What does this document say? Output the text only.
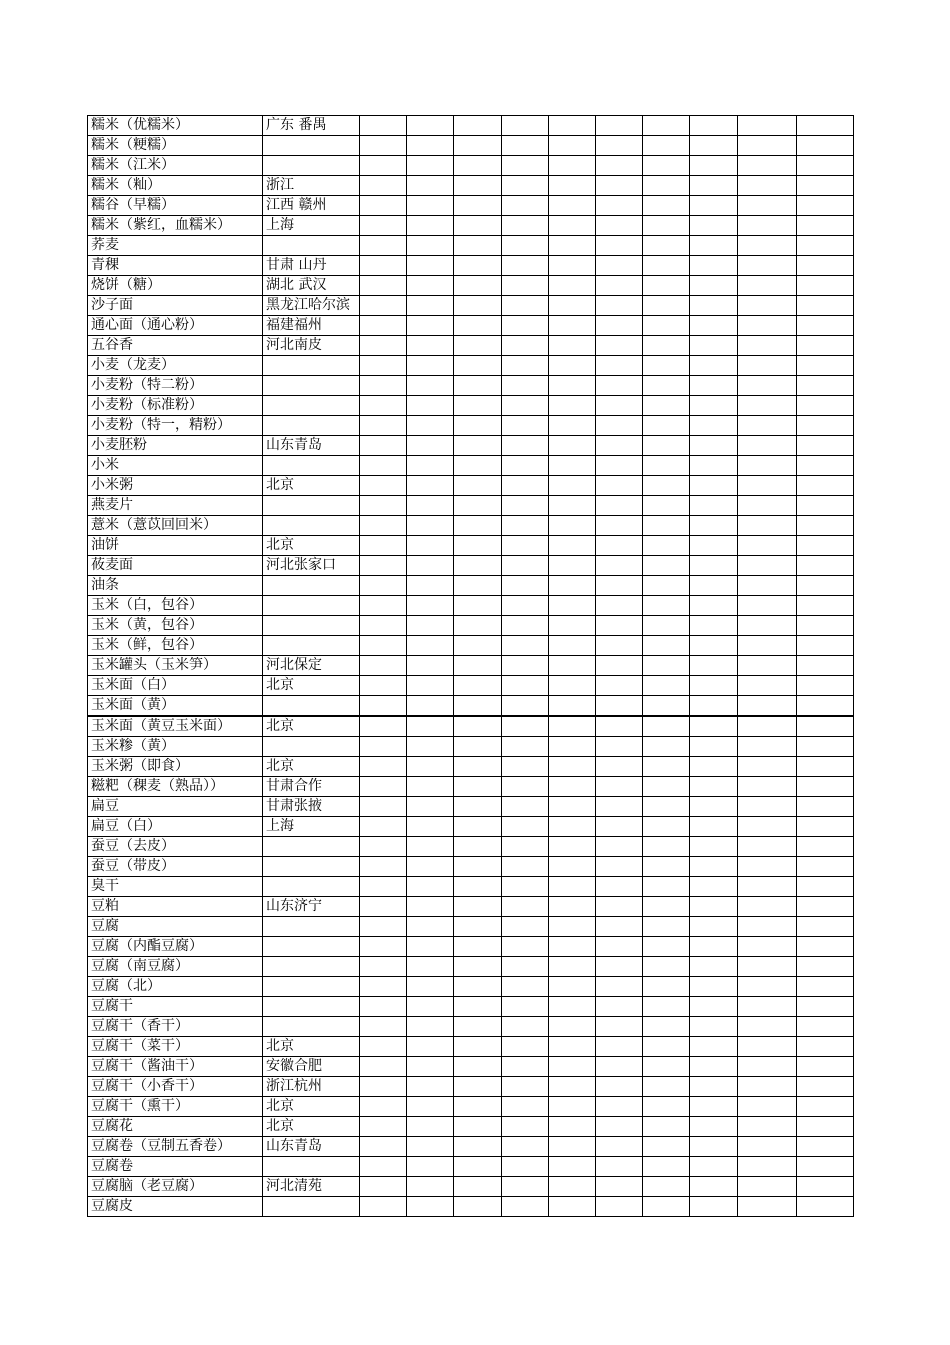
糯米（优糯米）	广东 番禺										
糯米（粳糯）											
糯米（江米）											
糯米（籼）	浙江										
糯谷（早糯）	江西 赣州										
糯米（紫红，血糯米）	上海										
荞麦											
青稞	甘肃 山丹										
烧饼（糖）	湖北 武汉										
沙子面	黑龙江哈尔滨										
通心面（通心粉）	福建福州										
五谷香	河北南皮										
小麦（龙麦）											
小麦粉（特二粉）											
小麦粉（标准粉）											
小麦粉（特一，精粉）											
小麦胚粉	山东青岛										
小米											
小米粥	北京										
燕麦片											
薏米（薏苡回回米）											
油饼	北京										
莜麦面	河北张家口										
油条											
玉米（白，包谷）											
玉米（黄，包谷）											
玉米（鲜，包谷）											
玉米罐头（玉米笋）	河北保定										
玉米面（白）	北京										
玉米面（黄）											
玉米面（黄豆玉米面）	北京										
玉米糁（黄）											
玉米粥（即食）	北京										
糍粑（稞麦（熟品））	甘肃合作										
扁豆	甘肃张掖										
扁豆（白）	上海										
蚕豆（去皮）											
蚕豆（带皮）											
臭干											
豆粕	山东济宁										
豆腐											
豆腐（内酯豆腐）											
豆腐（南豆腐）											
豆腐（北）											
豆腐干											
豆腐干（香干）											
豆腐干（菜干）	北京										
豆腐干（酱油干）	安徽合肥										
豆腐干（小香干）	浙江杭州										
豆腐干（熏干）	北京										
豆腐花	北京										
豆腐卷（豆制五香卷）	山东青岛										
豆腐卷											
豆腐脑（老豆腐）	河北清苑										
豆腐皮											
